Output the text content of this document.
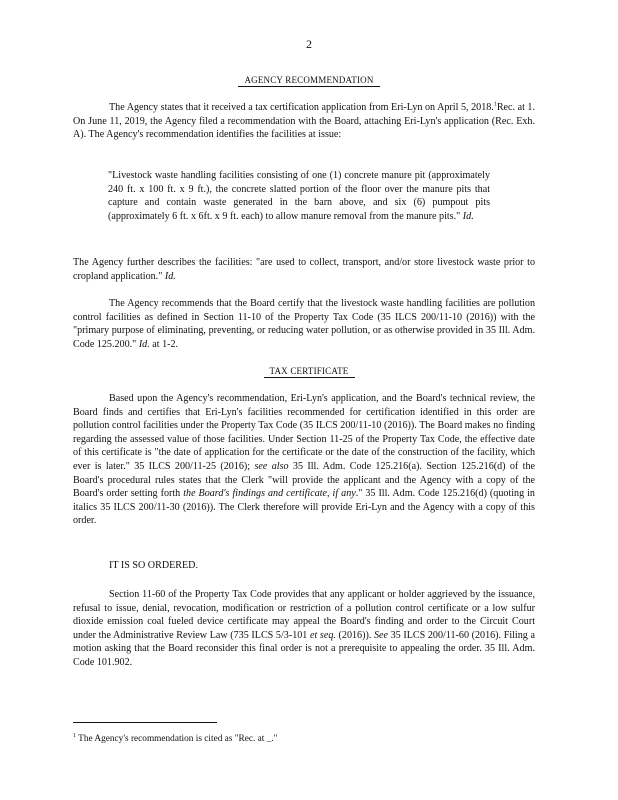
2
AGENCY RECOMMENDATION

The Agency states that it received a tax certification application from Eri-Lyn on April 5, 2018.$^1$Rec. at 1. On June 11, 2019, the Agency filed a recommendation with the Board, attaching Eri-Lyn's application (Rec. Exh. A). The Agency's recommendation identifies the facilities at issue:

"Livestock waste handling facilities consisting of one (1) concrete manure pit (approximately 240 ft. x 100 ft. x 9 ft.), the concrete slatted portion of the floor over the manure pits that capture and contain waste generated in the barn above, and six (6) pumpout pits (approximately 6 ft. x 6ft. x 9 ft. each) to allow manure removal from the manure pits." Id.

The Agency further describes the facilities: "are used to collect, transport, and/or store livestock waste prior to cropland application." Id.

The Agency recommends that the Board certify that the livestock waste handling facilities are pollution control facilities as defined in Section 11-10 of the Property Tax Code (35 ILCS 200/11-10 (2016)) with the "primary purpose of eliminating, preventing, or reducing water pollution, or as otherwise provided in 35 Ill. Adm. Code 125.200." Id. at 1-2.

TAX CERTIFICATE

Based upon the Agency's recommendation, Eri-Lyn's application, and the Board's technical review, the Board finds and certifies that Eri-Lyn's facilities recommended for certification identified in this order are pollution control facilities under the Property Tax Code (35 ILCS 200/11-10 (2016)). The Board makes no finding regarding the assessed value of those facilities. Under Section 11-25 of the Property Tax Code, the effective date of this certificate is "the date of application for the certificate or the date of the construction of the facility, which ever is later." 35 ILCS 200/11-25 (2016); see also 35 Ill. Adm. Code 125.216(a). Section 125.216(d) of the Board's procedural rules states that the Clerk "will provide the applicant and the Agency with a copy of the Board's order setting forth the Board's findings and certificate, if any." 35 Ill. Adm. Code 125.216(d) (quoting in italics 35 ILCS 200/11-30 (2016)). The Clerk therefore will provide Eri-Lyn and the Agency with a copy of this order.

IT IS SO ORDERED.

Section 11-60 of the Property Tax Code provides that any applicant or holder aggrieved by the issuance, refusal to issue, denial, revocation, modification or restriction of a pollution control certificate or a low sulfur dioxide emission coal fueled device certificate may appeal the Board's finding and order to the Circuit Court under the Administrative Review Law (735 ILCS 5/3-101 et seq. (2016)). See 35 ILCS 200/11-60 (2016). Filing a motion asking that the Board reconsider this final order is not a prerequisite to appealing the order. 35 Ill. Adm. Code 101.902.

$^1$ The Agency's recommendation is cited as "Rec. at _."
